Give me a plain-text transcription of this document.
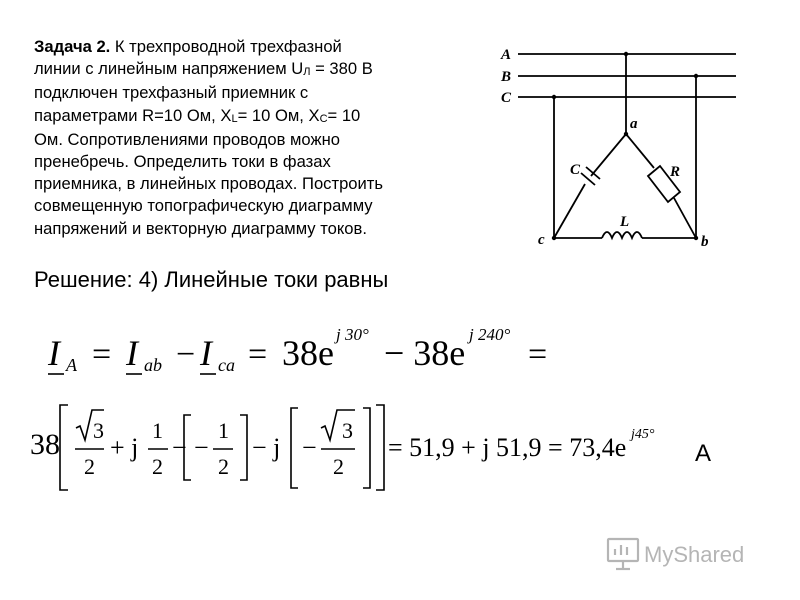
Задача 2. К трехпроводной трехфазной
линии с линейным напряжением $U_Л = 380$ В
подключен трехфазный приемник с
параметрами R=10 Ом, $X_L= 10$ Ом, $X_C= 10$
Ом. Сопротивлениями проводов можно
пренебречь. Определить токи в фазах
приемника, в линейных проводах. Построить
совмещенную топографическую диаграмму
напряжений и векторную диаграмму токов.
A
B
C
a
b
c
C	R
L
Решение: 4) Линейные токи равны
I A = I ab − I ca = 38e j 30° − 38e j 240°
=
38 3
2
+ j
1
2
− −
1
2
− j −
3
2
= 51,9 + j 51,9 = 73,4e j45°
A
MyShared
